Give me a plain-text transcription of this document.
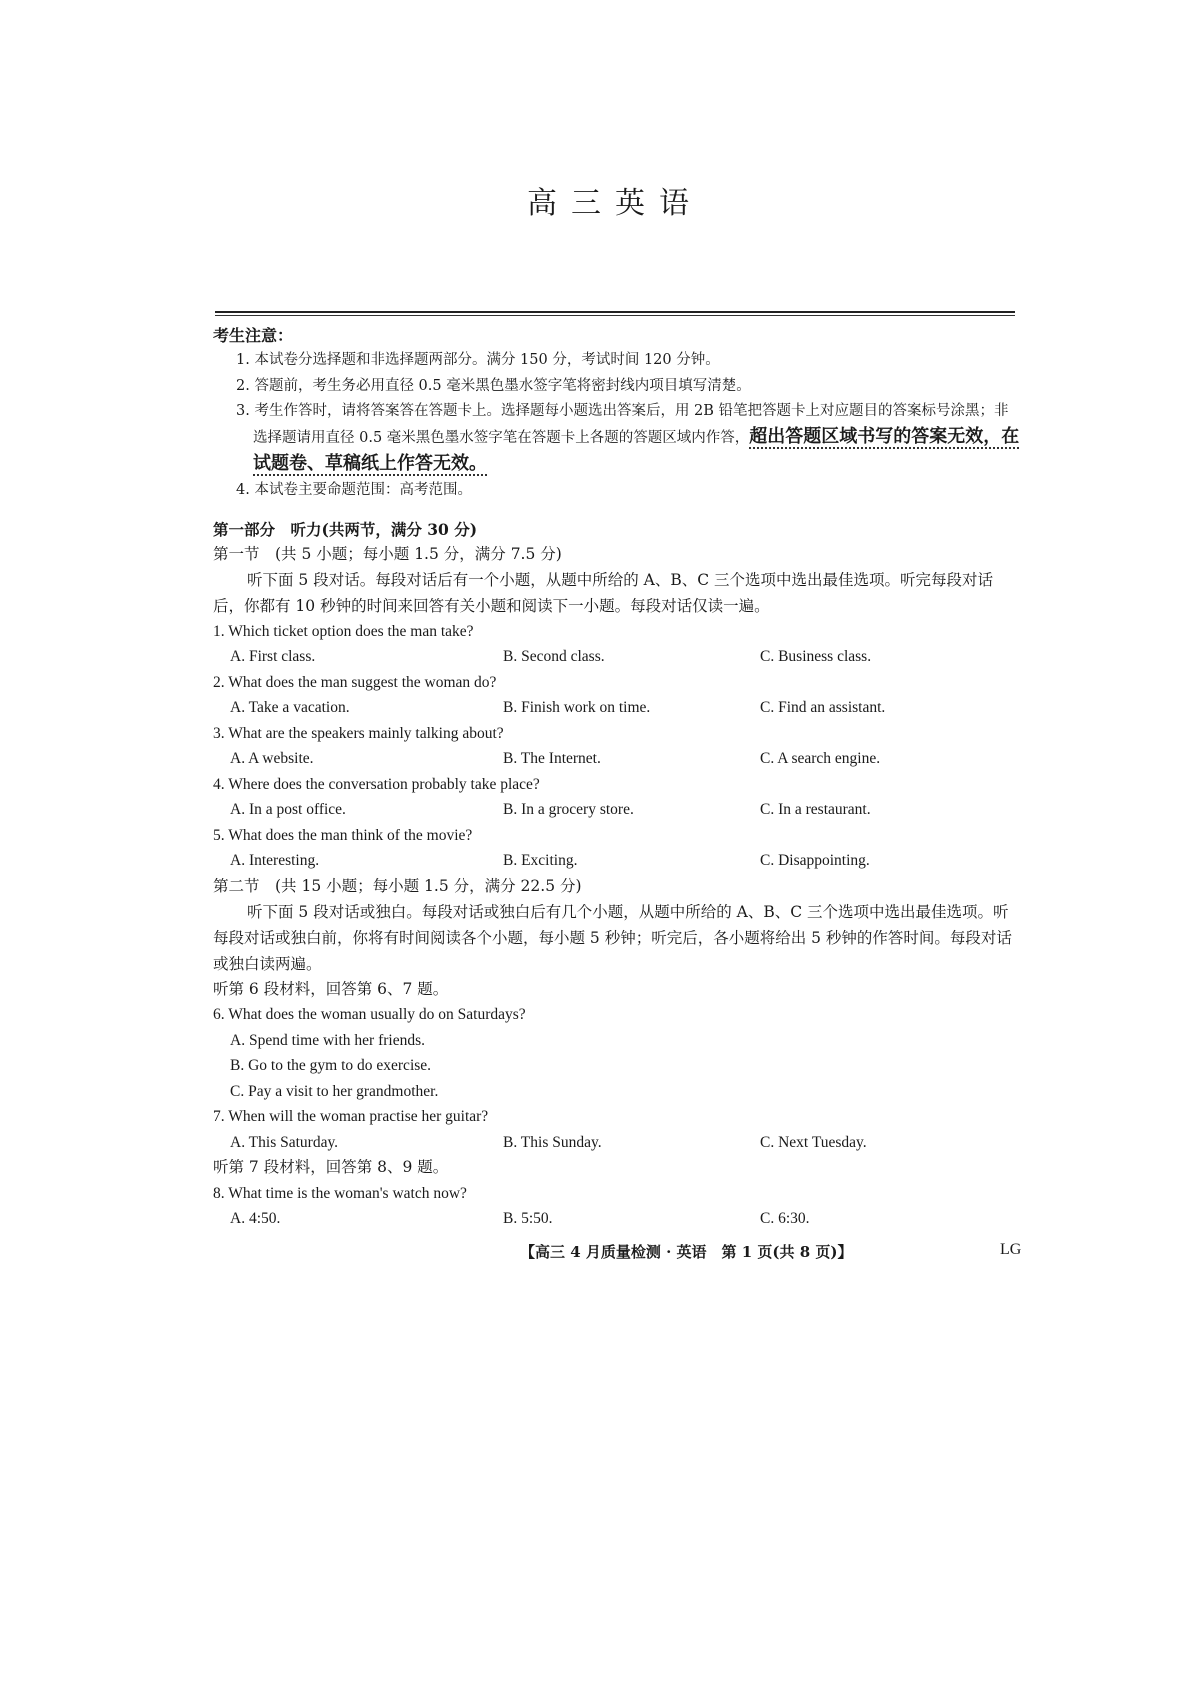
高三英语
考生注意：
1. 本试卷分选择题和非选择题两部分。满分 150 分，考试时间 120 分钟。
2. 答题前，考生务必用直径 0.5 毫米黑色墨水签字笔将密封线内项目填写清楚。
3. 考生作答时，请将答案答在答题卡上。选择题每小题选出答案后，用 2B 铅笔把答题卡上对应题目的答案标号涂黑；非选择题请用直径 0.5 毫米黑色墨水签字笔在答题卡上各题的答题区域内作答，超出答题区域书写的答案无效，在试题卷、草稿纸上作答无效。
4. 本试卷主要命题范围：高考范围。
第一部分　听力(共两节，满分 30 分)
第一节　(共 5 小题；每小题 1.5 分，满分 7.5 分)
听下面 5 段对话。每段对话后有一个小题，从题中所给的 A、B、C 三个选项中选出最佳选项。听完每段对话后，你都有 10 秒钟的时间来回答有关小题和阅读下一小题。每段对话仅读一遍。
1. Which ticket option does the man take?
A. First class.	B. Second class.	C. Business class.
2. What does the man suggest the woman do?
A. Take a vacation.	B. Finish work on time.	C. Find an assistant.
3. What are the speakers mainly talking about?
A. A website.	B. The Internet.	C. A search engine.
4. Where does the conversation probably take place?
A. In a post office.	B. In a grocery store.	C. In a restaurant.
5. What does the man think of the movie?
A. Interesting.	B. Exciting.	C. Disappointing.
第二节　(共 15 小题；每小题 1.5 分，满分 22.5 分)
听下面 5 段对话或独白。每段对话或独白后有几个小题，从题中所给的 A、B、C 三个选项中选出最佳选项。听每段对话或独白前，你将有时间阅读各个小题，每小题 5 秒钟；听完后，各小题将给出 5 秒钟的作答时间。每段对话或独白读两遍。
听第 6 段材料，回答第 6、7 题。
6. What does the woman usually do on Saturdays?
A. Spend time with her friends.
B. Go to the gym to do exercise.
C. Pay a visit to her grandmother.
7. When will the woman practise her guitar?
A. This Saturday.	B. This Sunday.	C. Next Tuesday.
听第 7 段材料，回答第 8、9 题。
8. What time is the woman's watch now?
A. 4:50.	B. 5:50.	C. 6:30.
【高三 4 月质量检测 · 英语　第 1 页(共 8 页)】	LG
